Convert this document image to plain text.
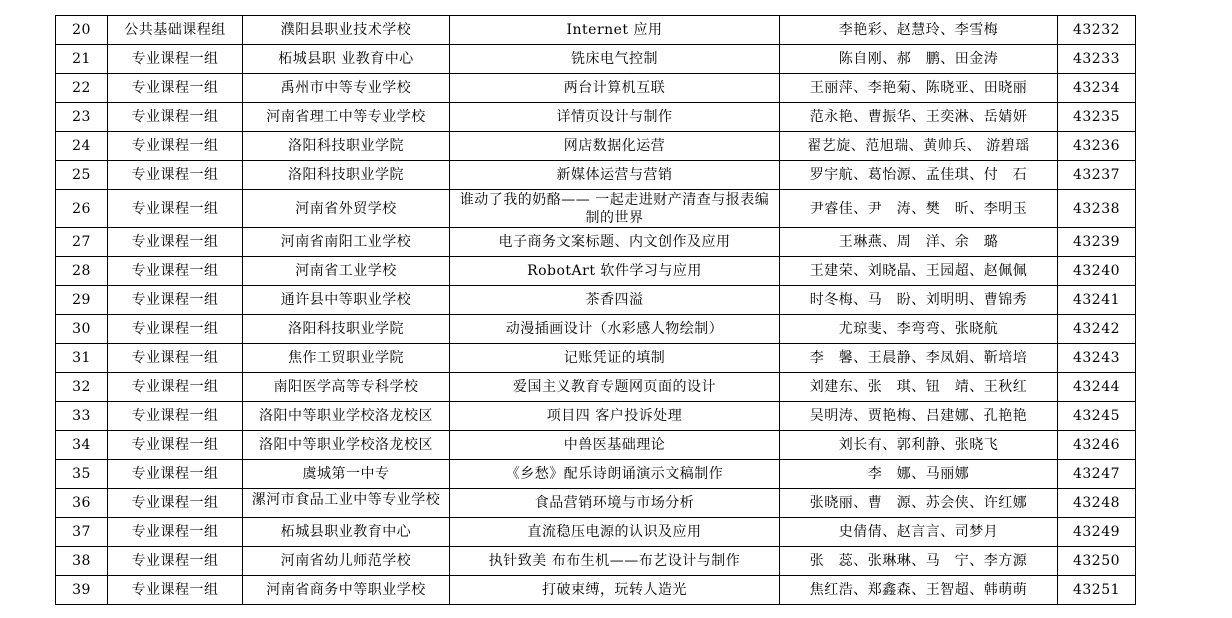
20	公共基础课程组	濮阳县职业技术学校	Internet 应用	李艳彩、赵慧玲、李雪梅	43232
21	专业课程一组	柘城县职 业教育中心	铣床电气控制	陈自刚、郝　鹏、田金涛	43233
22	专业课程一组	禹州市中等专业学校	两台计算机互联	王丽萍、李艳菊、陈晓亚、田晓丽	43234
23	专业课程一组	河南省理工中等专业学校	详情页设计与制作	范永艳、曹振华、王奕淋、岳婧妍	43235
24	专业课程一组	洛阳科技职业学院	网店数据化运营	翟艺旋、范旭瑞、黄帅兵、 游碧瑶	43236
25	专业课程一组	洛阳科技职业学院	新媒体运营与营销	罗宇航、葛怡源、孟佳琪、付　石	43237
26	专业课程一组	河南省外贸学校	谁动了我的奶酪—— 一起走进财产清查与报表编制的世界	尹睿佳、尹　涛、樊　昕、李明玉	43238
27	专业课程一组	河南省南阳工业学校	电子商务文案标题、内文创作及应用	王琳燕、周　洋、余　璐	43239
28	专业课程一组	河南省工业学校	RobotArt 软件学习与应用	王建荣、刘晓晶、王园超、赵佩佩	43240
29	专业课程一组	通许县中等职业学校	茶香四溢	时冬梅、马　盼、刘明明、曹锦秀	43241
30	专业课程一组	洛阳科技职业学院	动漫插画设计（水彩感人物绘制）	尤琼斐、李弯弯、张晓航	43242
31	专业课程一组	焦作工贸职业学院	记账凭证的填制	李　馨、王晨静、李凤娟、靳培培	43243
32	专业课程一组	南阳医学高等专科学校	爱国主义教育专题网页面的设计	刘建东、张　琪、钮　靖、王秋红	43244
33	专业课程一组	洛阳中等职业学校洛龙校区	项目四 客户投诉处理	吴明涛、贾艳梅、吕建娜、孔艳艳	43245
34	专业课程一组	洛阳中等职业学校洛龙校区	中兽医基础理论	刘长有、郭利静、张晓飞	43246
35	专业课程一组	虞城第一中专	《乡愁》配乐诗朗诵演示文稿制作	李　娜、马丽娜	43247
36	专业课程一组	漯河市食品工业中等专业学校	食品营销环境与市场分析	张晓丽、曹　源、苏会侠、许红娜	43248
37	专业课程一组	柘城县职业教育中心	直流稳压电源的认识及应用	史倩倩、赵言言、司梦月	43249
38	专业课程一组	河南省幼儿师范学校	执针致美 布布生机——布艺设计与制作	张　蕊、张琳琳、马　宁、李方源	43250
39	专业课程一组	河南省商务中等职业学校	打破束缚，玩转人造光	焦红浩、郑鑫森、王智超、韩萌萌	43251
